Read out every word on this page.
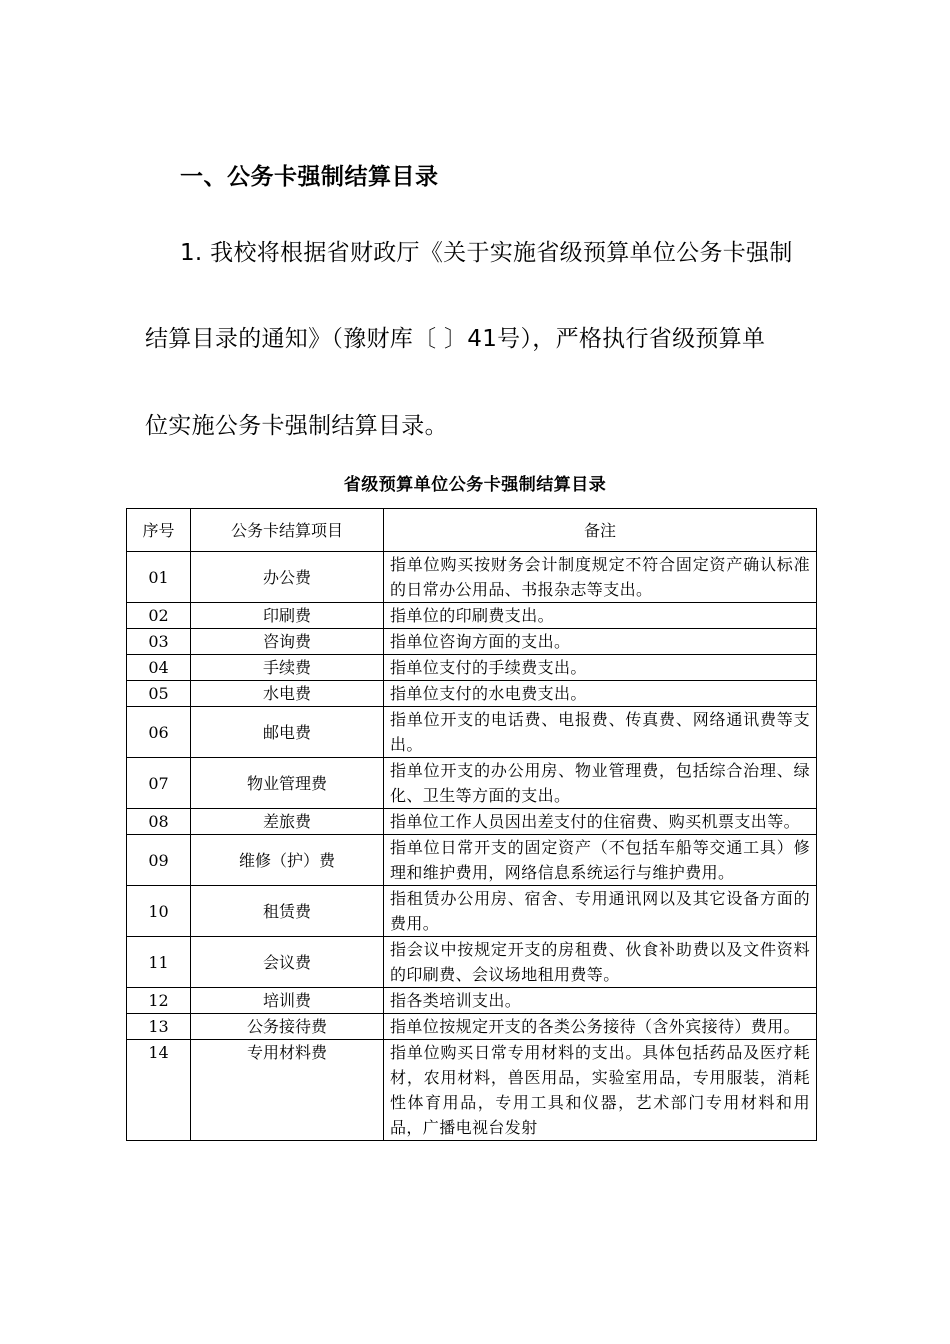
一、公务卡强制结算目录
1. 我校将根据省财政厅《关于实施省级预算单位公务卡强制
结算目录的通知》（豫财库〔 〕41号），严格执行省级预算单
位实施公务卡强制结算目录。
省级预算单位公务卡强制结算目录
序号	公务卡结算项目	备注
01	办公费	指单位购买按财务会计制度规定不符合固定资产确认标准的日常办公用品、书报杂志等支出。
02	印刷费	指单位的印刷费支出。
03	咨询费	指单位咨询方面的支出。
04	手续费	指单位支付的手续费支出。
05	水电费	指单位支付的水电费支出。
06	邮电费	指单位开支的电话费、电报费、传真费、网络通讯费等支出。
07	物业管理费	指单位开支的办公用房、物业管理费，包括综合治理、绿化、卫生等方面的支出。
08	差旅费	指单位工作人员因出差支付的住宿费、购买机票支出等。
09	维修（护）费	指单位日常开支的固定资产（不包括车船等交通工具）修理和维护费用，网络信息系统运行与维护费用。
10	租赁费	指租赁办公用房、宿舍、专用通讯网以及其它设备方面的费用。
11	会议费	指会议中按规定开支的房租费、伙食补助费以及文件资料的印刷费、会议场地租用费等。
12	培训费	指各类培训支出。
13	公务接待费	指单位按规定开支的各类公务接待（含外宾接待）费用。
14	专用材料费	指单位购买日常专用材料的支出。具体包括药品及医疗耗材，农用材料，兽医用品，实验室用品，专用服装，消耗性体育用品，专用工具和仪器，艺术部门专用材料和用品，广播电视台发射
